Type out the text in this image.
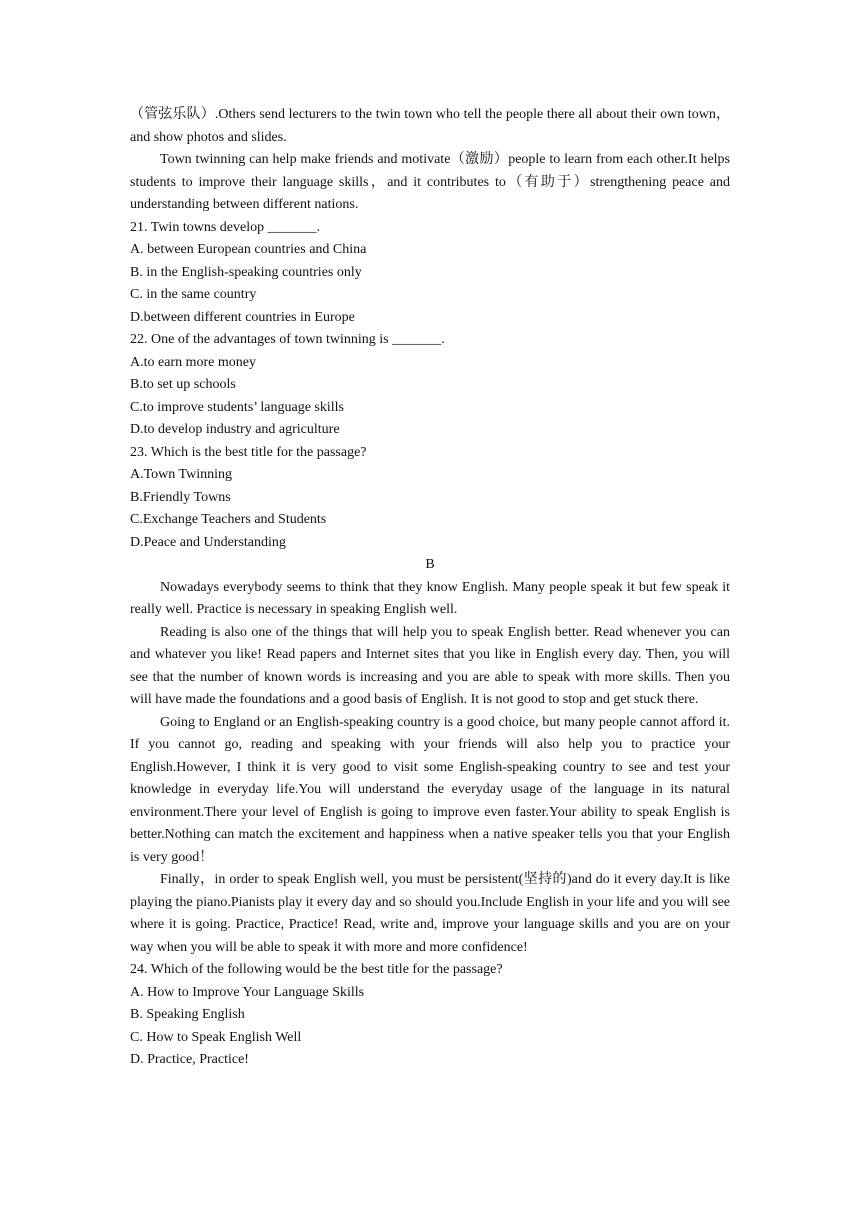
（管弦乐队）.Others send lecturers to the twin town who tell the people there all about their own town， and show photos and slides.

Town twinning can help make friends and motivate（激励）people to learn from each other.It helps students to improve their language skills，and it contributes to（有助于）strengthening peace and understanding between different nations.

21. Twin towns develop _______.
A. between European countries and China
B. in the English-speaking countries only
C. in the same country
D.between different countries in Europe
22. One of the advantages of town twinning is _______.
A.to earn more money
B.to set up schools
C.to improve students’ language skills
D.to develop industry and agriculture
23. Which is the best title for the passage?
A.Town Twinning
B.Friendly Towns
C.Exchange Teachers and Students
D.Peace and Understanding
B

Nowadays everybody seems to think that they know English. Many people speak it but few speak it really well. Practice is necessary in speaking English well.

Reading is also one of the things that will help you to speak English better. Read whenever you can and whatever you like! Read papers and Internet sites that you like in English every day. Then, you will see that the number of known words is increasing and you are able to speak with more skills. Then you will have made the foundations and a good basis of English. It is not good to stop and get stuck there.

Going to England or an English-speaking country is a good choice, but many people cannot afford it. If you cannot go, reading and speaking with your friends will also help you to practice your English.However, I think it is very good to visit some English-speaking country to see and test your knowledge in everyday life.You will understand the everyday usage of the language in its natural environment.There your level of English is going to improve even faster.Your ability to speak English is better.Nothing can match the excitement and happiness when a native speaker tells you that your English is very good！

Finally，in order to speak English well, you must be persistent(坚持的)and do it every day.It is like playing the piano.Pianists play it every day and so should you.Include English in your life and you will see where it is going. Practice, Practice! Read, write and, improve your language skills and you are on your way when you will be able to speak it with more and more confidence!

24. Which of the following would be the best title for the passage?
A. How to Improve Your Language Skills
B. Speaking English
C. How to Speak English Well
D. Practice, Practice!
